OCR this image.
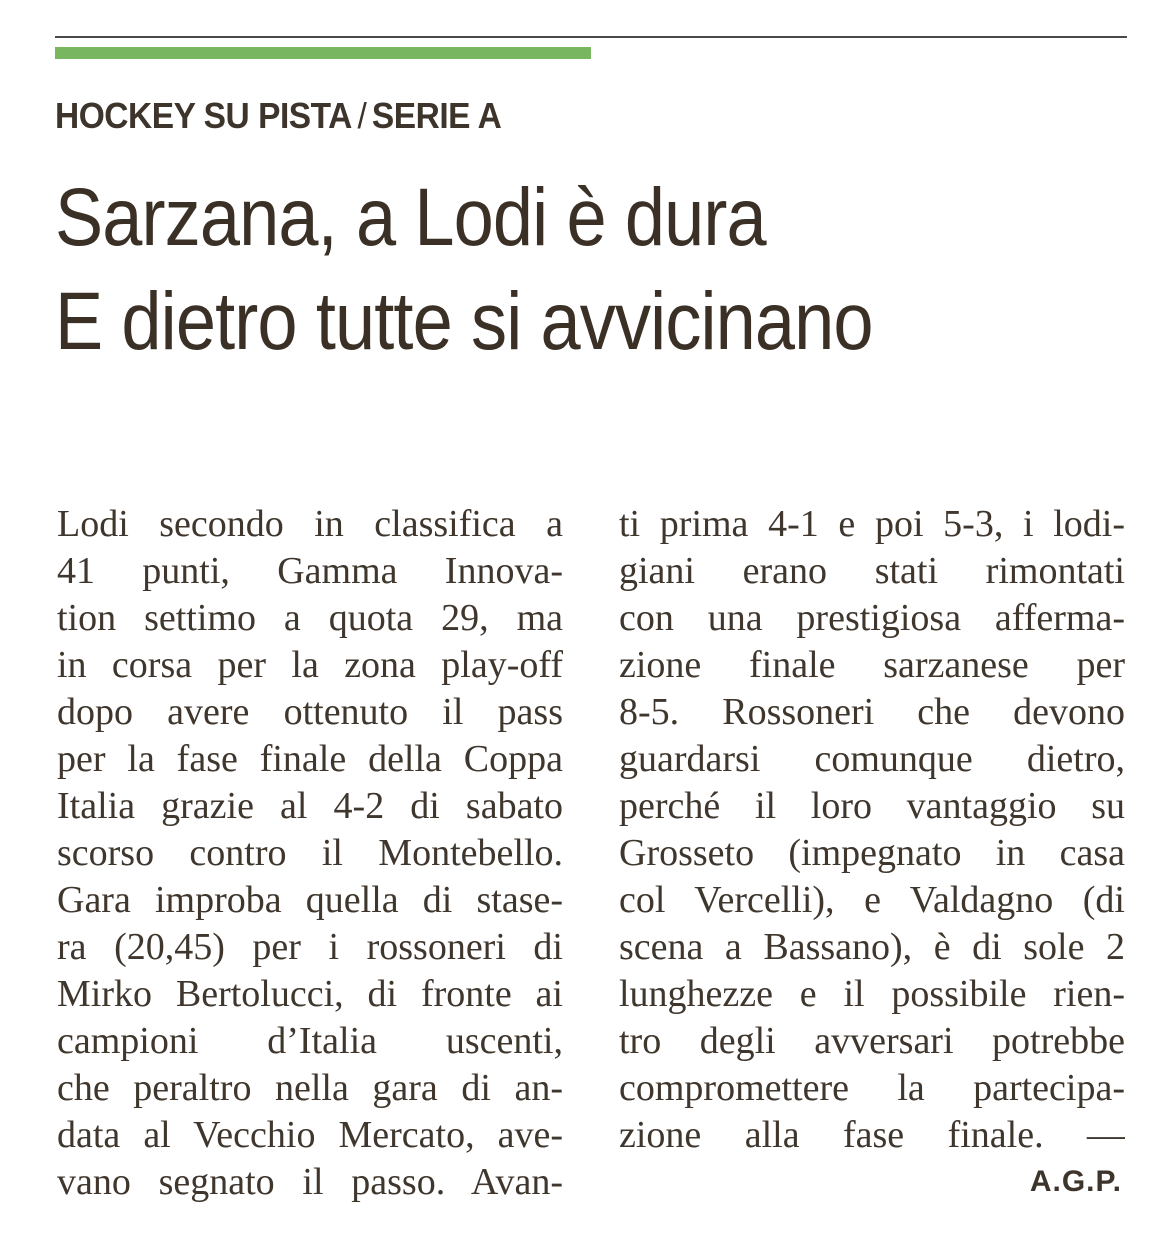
HOCKEY SU PISTA / SERIE A
Sarzana, a Lodi è dura
E dietro tutte si avvicinano
Lodi secondo in classifica a
41 punti, Gamma Innova-
tion settimo a quota 29, ma
in corsa per la zona play-off
dopo avere ottenuto il pass
per la fase finale della Coppa
Italia grazie al 4-2 di sabato
scorso contro il Montebello.
Gara improba quella di stase-
ra (20,45) per i rossoneri di
Mirko Bertolucci, di fronte ai
campioni d’Italia uscenti,
che peraltro nella gara di an-
data al Vecchio Mercato, ave-
vano segnato il passo. Avan-
ti prima 4-1 e poi 5-3, i lodi-
giani erano stati rimontati
con una prestigiosa afferma-
zione finale sarzanese per
8-5. Rossoneri che devono
guardarsi comunque dietro,
perché il loro vantaggio su
Grosseto (impegnato in casa
col Vercelli), e Valdagno (di
scena a Bassano), è di sole 2
lunghezze e il possibile rien-
tro degli avversari potrebbe
compromettere la partecipa-
zione alla fase finale. —
A.G.P.
